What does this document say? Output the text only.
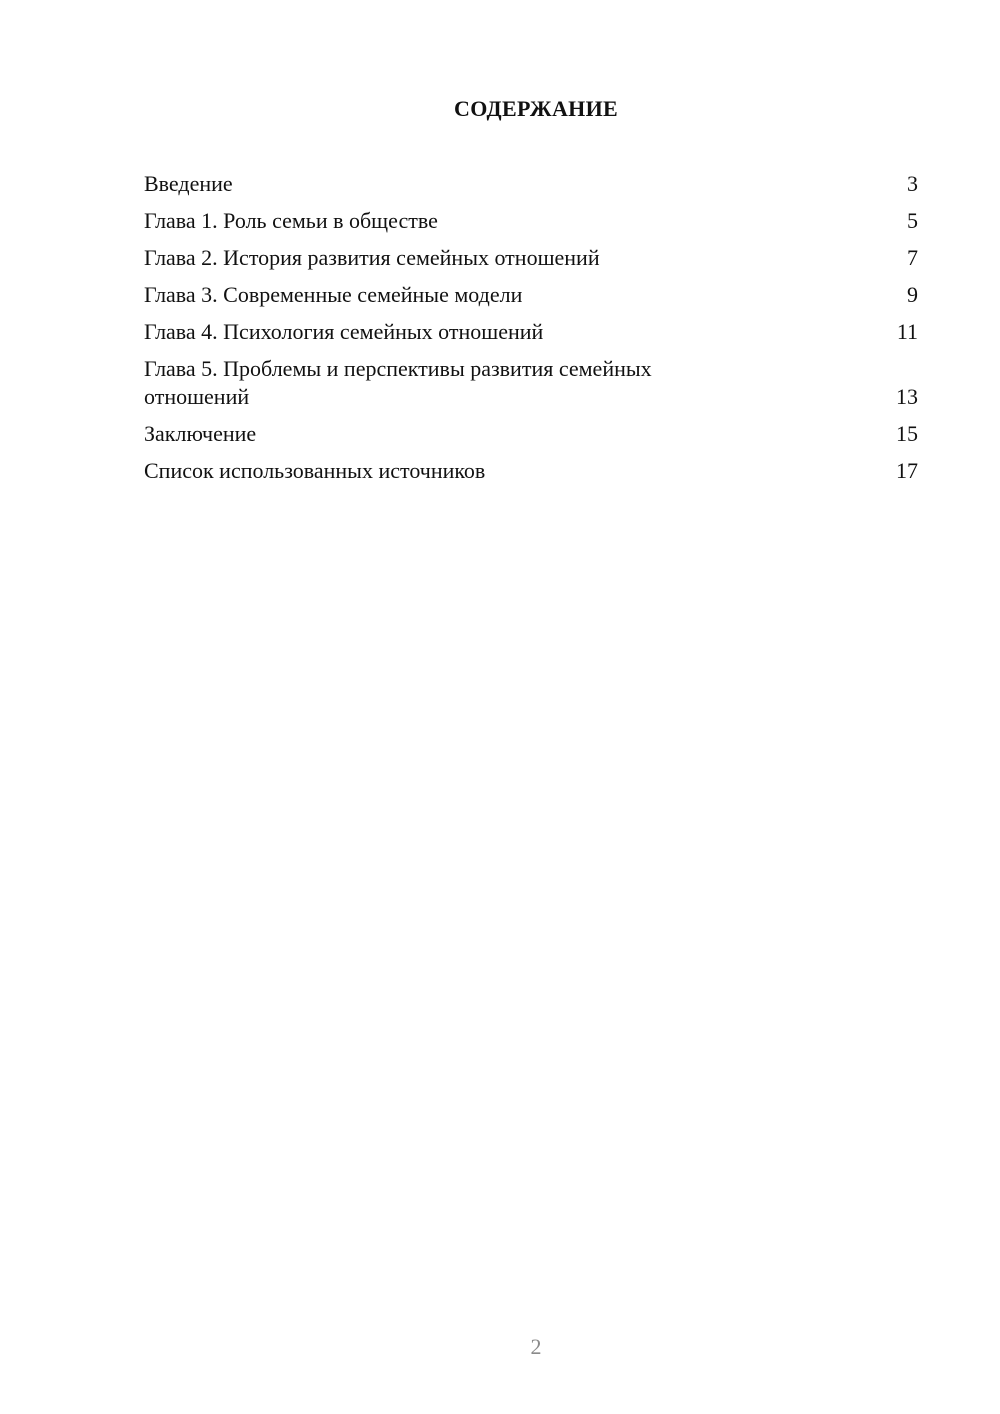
СОДЕРЖАНИЕ
Введение	3
Глава 1. Роль семьи в обществе	5
Глава 2. История развития семейных отношений	7
Глава 3. Современные семейные модели	9
Глава 4. Психология семейных отношений	11
Глава 5. Проблемы и перспективы развития семейных отношений	13
Заключение	15
Список использованных источников	17
2
